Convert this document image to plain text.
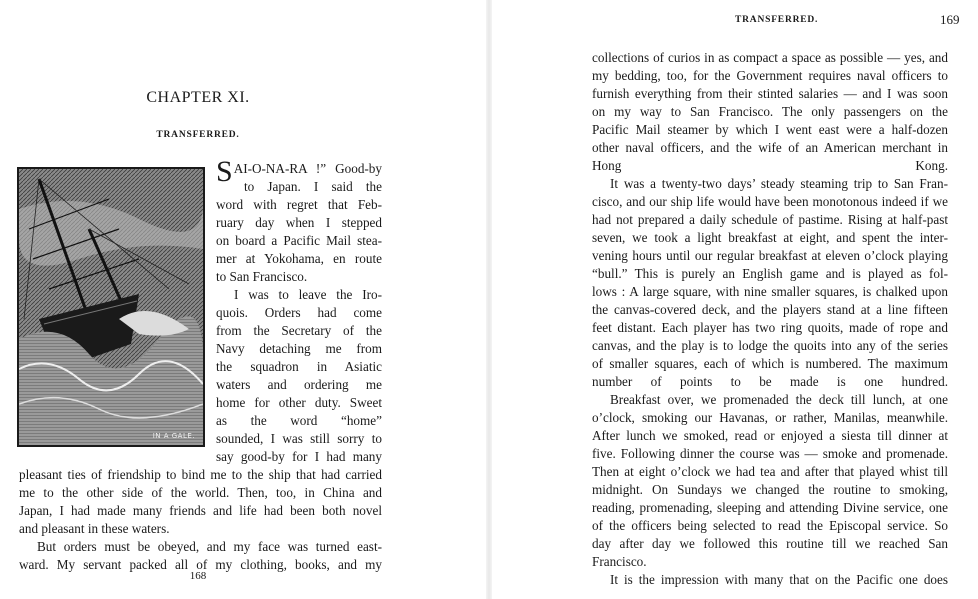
CHAPTER XI.
TRANSFERRED.
IN A GALE.
SAI-O-NA-RA !” Good-by
to Japan. I said the
word with regret that Feb-
ruary day when I stepped
on board a Pacific Mail stea-
mer at Yokohama, en route
to San Francisco.
I was to leave the Iro-
quois. Orders had come
from the Secretary of the
Navy detaching me from
the squadron in Asiatic
waters and ordering me
home for other duty. Sweet
as the word “home”
sounded, I was still sorry to
say good-by for I had many
pleasant ties of friendship to bind me to the ship that had carried
me to the other side of the world. Then, too, in China and
Japan, I had made many friends and life had been both novel
and pleasant in these waters.
But orders must be obeyed, and my face was turned east-
ward. My servant packed all of my clothing, books, and my
168
TRANSFERRED.	169
collections of curios in as compact a space as possible — yes, and
my bedding, too, for the Government requires naval officers to
furnish everything from their stinted salaries — and I was soon
on my way to San Francisco. The only passengers on the
Pacific Mail steamer by which I went east were a half-dozen
other naval officers, and the wife of an American merchant in
Hong Kong.
It was a twenty-two days’ steady steaming trip to San Fran-
cisco, and our ship life would have been monotonous indeed if we
had not prepared a daily schedule of pastime. Rising at half-past
seven, we took a light breakfast at eight, and spent the inter-
vening hours until our regular breakfast at eleven o’clock playing
“bull.” This is purely an English game and is played as fol-
lows : A large square, with nine smaller squares, is chalked upon
the canvas-covered deck, and the players stand at a line fifteen
feet distant. Each player has two ring quoits, made of rope and
canvas, and the play is to lodge the quoits into any of the series
of smaller squares, each of which is numbered. The maximum
number of points to be made is one hundred.
Breakfast over, we promenaded the deck till lunch, at one
o’clock, smoking our Havanas, or rather, Manilas, meanwhile.
After lunch we smoked, read or enjoyed a siesta till dinner at
five. Following dinner the course was — smoke and promenade.
Then at eight o’clock we had tea and after that played whist till
midnight. On Sundays we changed the routine to smoking,
reading, promenading, sleeping and attending Divine service, one
of the officers being selected to read the Episcopal service. So
day after day we followed this routine till we reached San
Francisco.
It is the impression with many that on the Pacific one does
